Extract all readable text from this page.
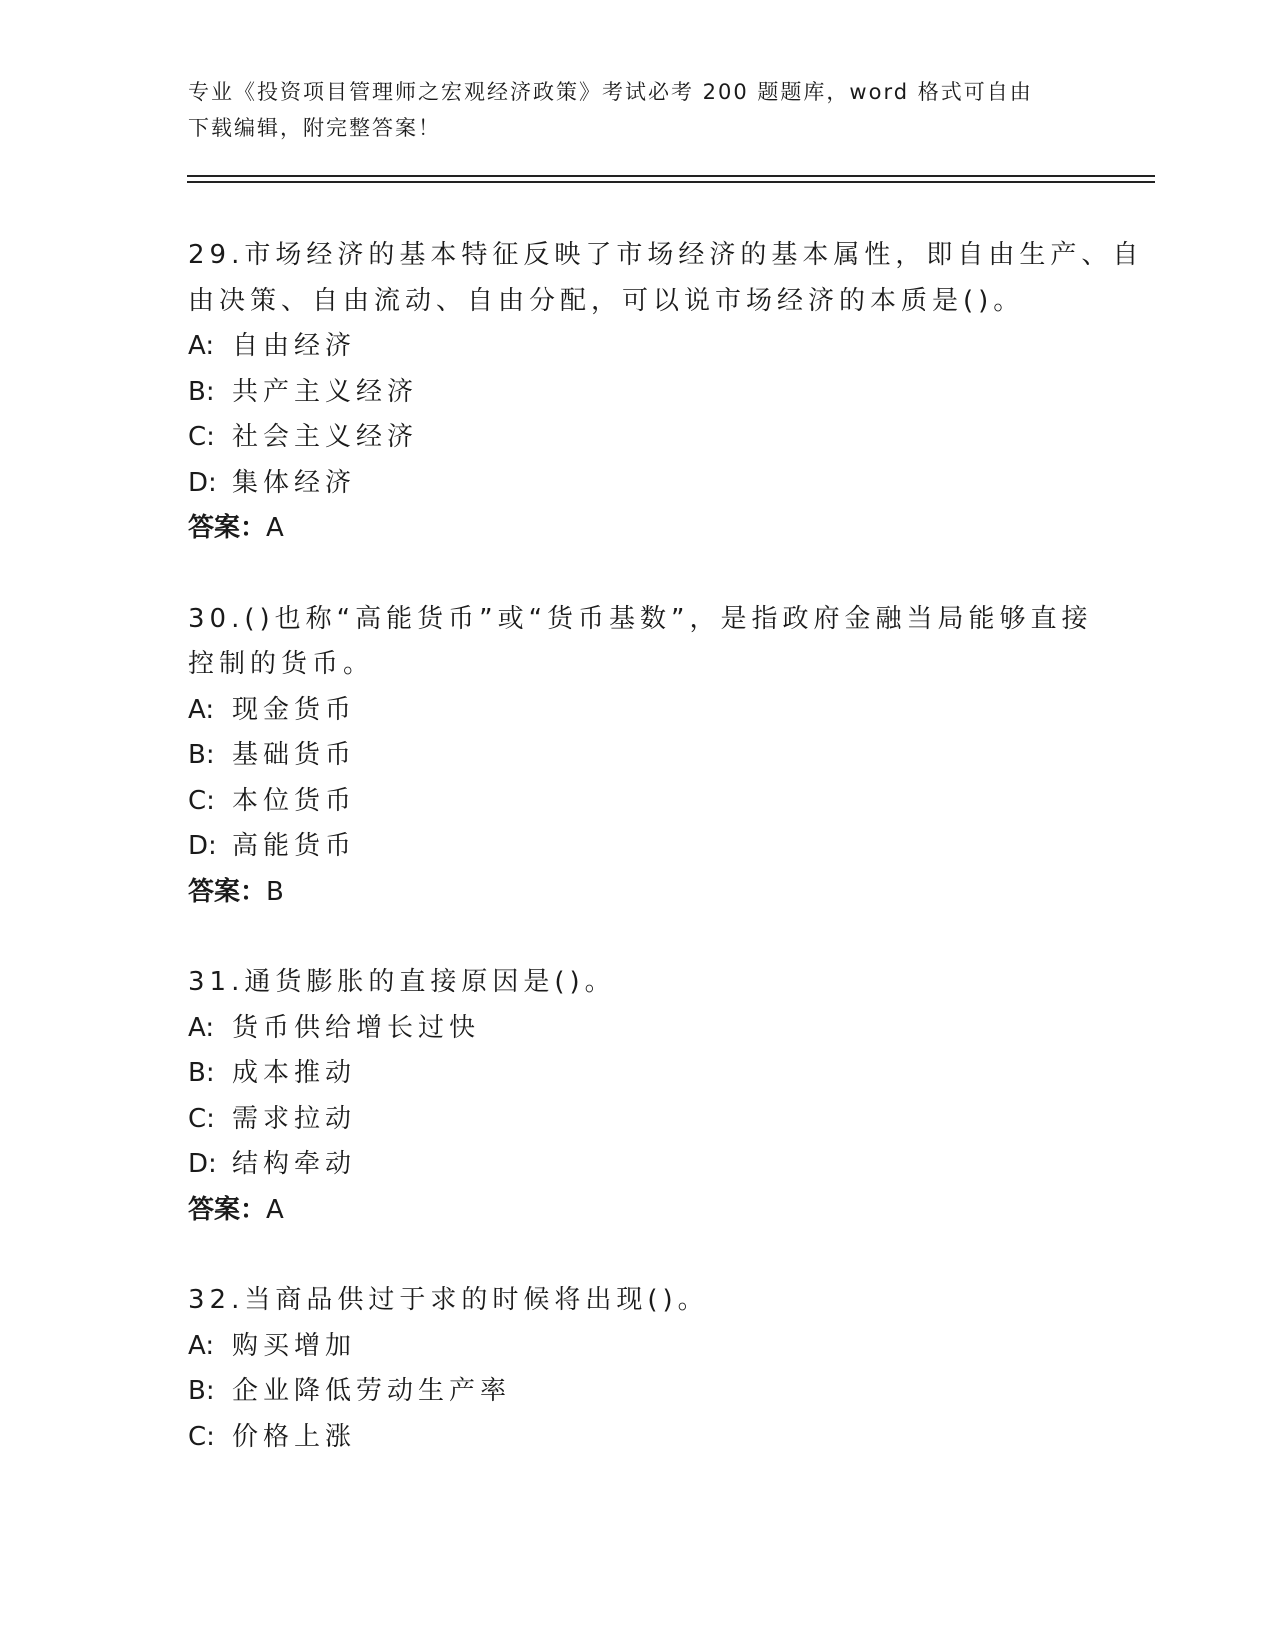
专业《投资项目管理师之宏观经济政策》考试必考 200 题题库，word 格式可自由
下载编辑，附完整答案！
29.市场经济的基本特征反映了市场经济的基本属性，即自由生产、自
由决策、自由流动、自由分配，可以说市场经济的本质是()。
A: 自由经济
B: 共产主义经济
C: 社会主义经济
D: 集体经济
答案：A
30.()也称“高能货币”或“货币基数”，是指政府金融当局能够直接
控制的货币。
A: 现金货币
B: 基础货币
C: 本位货币
D: 高能货币
答案：B
31.通货膨胀的直接原因是()。
A: 货币供给增长过快
B: 成本推动
C: 需求拉动
D: 结构牵动
答案：A
32.当商品供过于求的时候将出现()。
A: 购买增加
B: 企业降低劳动生产率
C: 价格上涨
